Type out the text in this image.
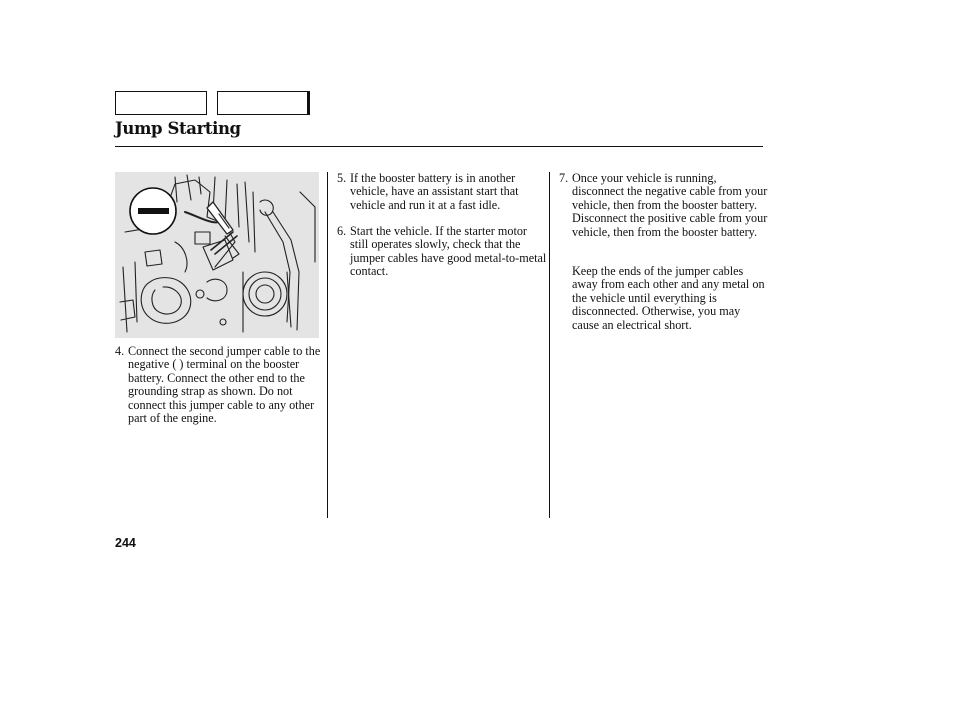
Jump Starting
4. Connect the second jumper cable to the negative ( ) terminal on the booster battery. Connect the other end to the grounding strap as shown. Do not connect this jumper cable to any other part of the engine.
5. If the booster battery is in another vehicle, have an assistant start that vehicle and run it at a fast idle.
6. Start the vehicle. If the starter motor still operates slowly, check that the jumper cables have good metal-to-metal contact.
7. Once your vehicle is running, disconnect the negative cable from your vehicle, then from the booster battery. Disconnect the positive cable from your vehicle, then from the booster battery.

Keep the ends of the jumper cables away from each other and any metal on the vehicle until everything is disconnected. Otherwise, you may cause an electrical short.

244
